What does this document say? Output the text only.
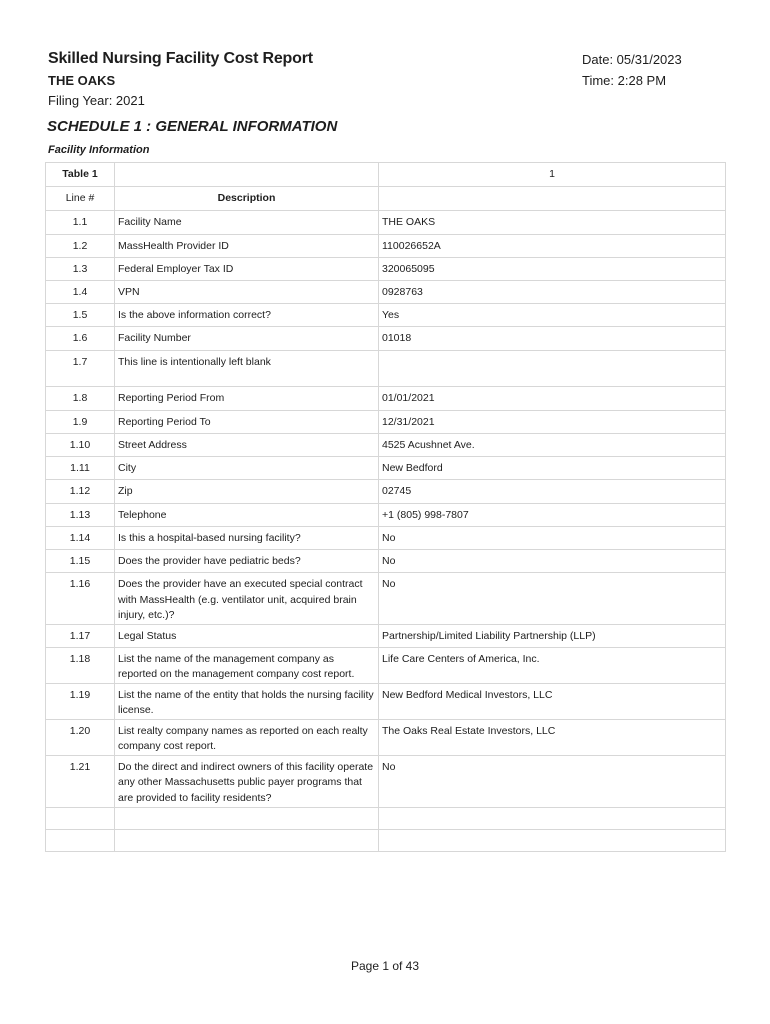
Skilled Nursing Facility Cost Report
THE OAKS
Filing Year: 2021
Date: 05/31/2023
Time: 2:28 PM
SCHEDULE 1 : GENERAL INFORMATION
Facility Information
Table 1		1
Line #	Description	
1.1	Facility Name	THE OAKS
1.2	MassHealth Provider ID	110026652A
1.3	Federal Employer Tax ID	320065095
1.4	VPN	0928763
1.5	Is the above information correct?	Yes
1.6	Facility Number	01018
1.7	This line is intentionally left blank	
1.8	Reporting Period From	01/01/2021
1.9	Reporting Period To	12/31/2021
1.10	Street Address	4525 Acushnet Ave.
1.11	City	New Bedford
1.12	Zip	02745
1.13	Telephone	+1 (805) 998-7807
1.14	Is this a hospital-based nursing facility?	No
1.15	Does the provider have pediatric beds?	No
1.16	Does the provider have an executed special contract with MassHealth (e.g. ventilator unit, acquired brain injury, etc.)?	No
1.17	Legal Status	Partnership/Limited Liability Partnership (LLP)
1.18	List the name of the management company as reported on the management company cost report.	Life Care Centers of America, Inc.
1.19	List the name of the entity that holds the nursing facility license.	New Bedford Medical Investors, LLC
1.20	List realty company names as reported on each realty company cost report.	The Oaks Real Estate Investors, LLC
1.21	Do the direct and indirect owners of this facility operate any other Massachusetts public payer programs that are provided to facility residents?	No

Page 1 of 43
